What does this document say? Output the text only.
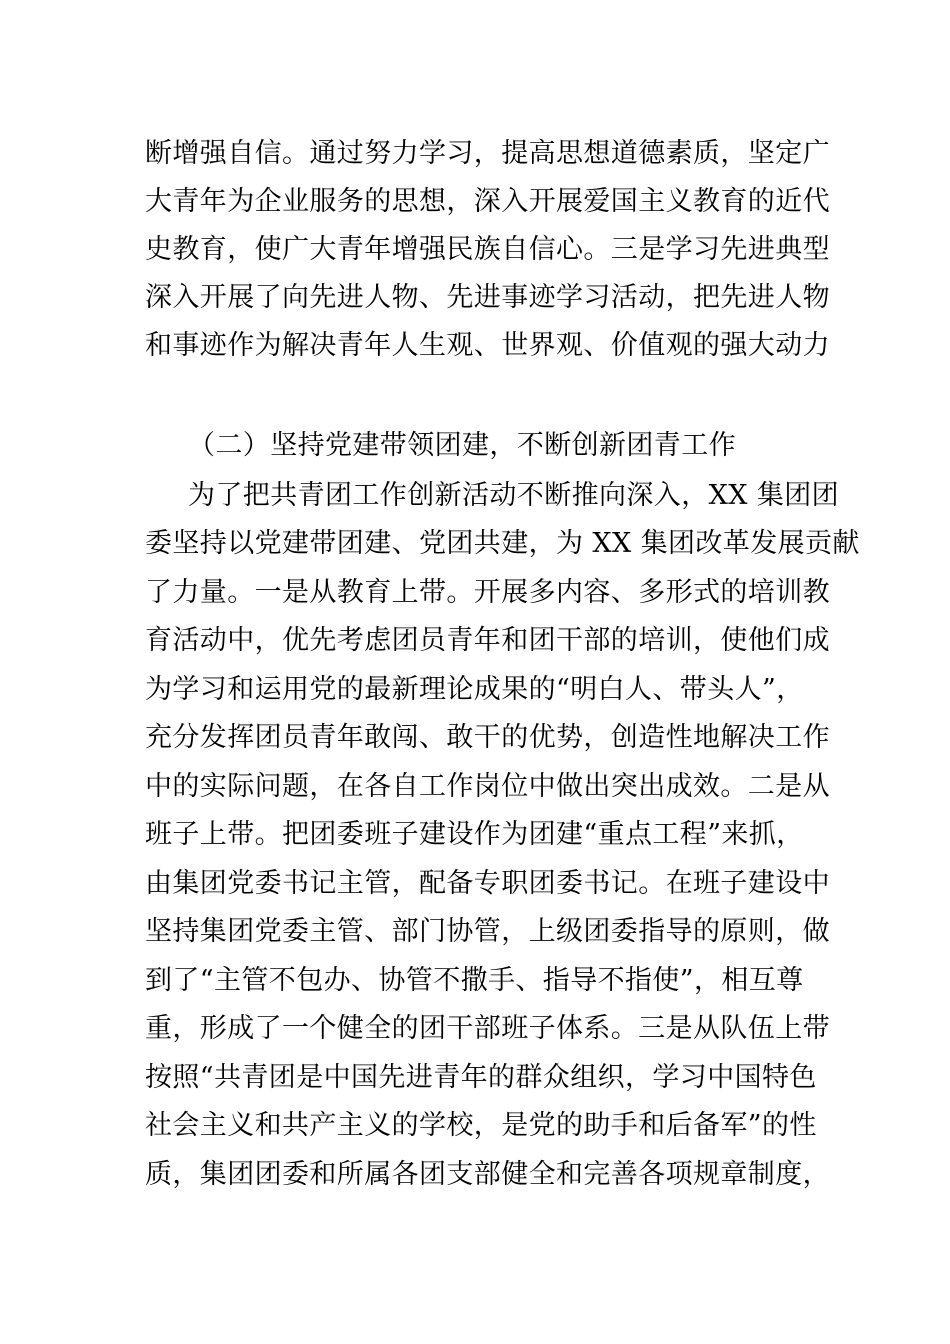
断增强自信。通过努力学习，提高思想道德素质，坚定广
大青年为企业服务的思想，深入开展爱国主义教育的近代
史教育，使广大青年增强民族自信心。三是学习先进典型
深入开展了向先进人物、先进事迹学习活动，把先进人物
和事迹作为解决青年人生观、世界观、价值观的强大动力
（二）坚持党建带领团建，不断创新团青工作
为了把共青团工作创新活动不断推向深入，XX 集团团
委坚持以党建带团建、党团共建，为 XX 集团改革发展贡献
了力量。一是从教育上带。开展多内容、多形式的培训教
育活动中，优先考虑团员青年和团干部的培训，使他们成
为学习和运用党的最新理论成果的“明白人、带头人”，
充分发挥团员青年敢闯、敢干的优势，创造性地解决工作
中的实际问题，在各自工作岗位中做出突出成效。二是从
班子上带。把团委班子建设作为团建“重点工程”来抓，
由集团党委书记主管，配备专职团委书记。在班子建设中
坚持集团党委主管、部门协管，上级团委指导的原则，做
到了“主管不包办、协管不撒手、指导不指使”，相互尊
重，形成了一个健全的团干部班子体系。三是从队伍上带
按照“共青团是中国先进青年的群众组织，学习中国特色
社会主义和共产主义的学校，是党的助手和后备军”的性
质，集团团委和所属各团支部健全和完善各项规章制度，
